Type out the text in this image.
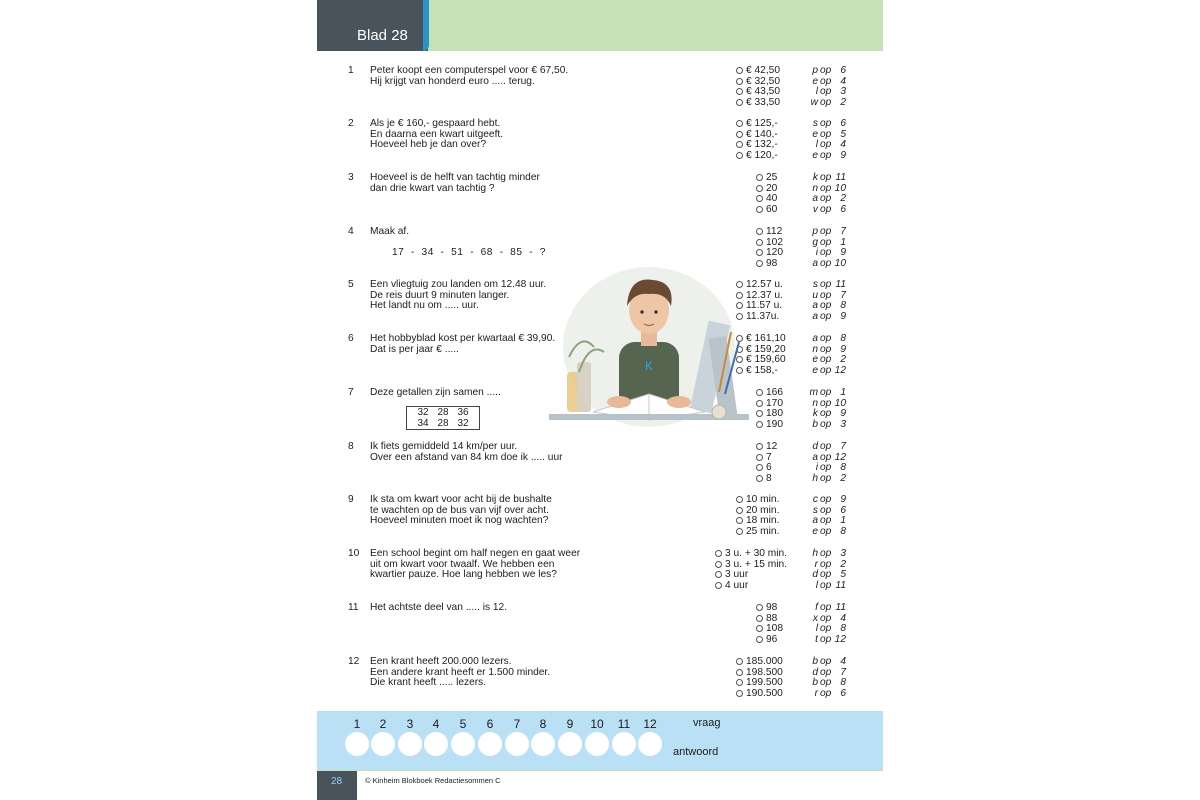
Blad 28
1 Peter koopt een computerspel voor € 67,50.
Hij krijgt van honderd euro ..... terug.
€ 42,50	p op 6
€ 32,50	e op 4
€ 43,50	l op 3
€ 33,50	w op 2
2 Als je € 160,- gespaard hebt.
En daarna een kwart uitgeeft.
Hoeveel heb je dan over?
€ 125,-	s op 6
€ 140,-	e op 5
€ 132,-	l op 4
€ 120,-	e op 9
3 Hoeveel is de helft van tachtig minder
dan drie kwart van tachtig ?
25	k op 11
20	n op 10
40	a op 2
60	v op 6
4 Maak af.
17  -  34  -  51  -  68  -  85  -  ?
112	p op 7
102	g op 1
120	i op 9
98	a op 10
5 Een vliegtuig zou landen om 12.48 uur.
De reis duurt 9 minuten langer.
Het landt nu om ..... uur.
12.57 u.	s op 11
12.37 u.	u op 7
11.57 u.	a op 8
11.37u.	a op 9
6 Het hobbyblad kost per kwartaal € 39,90.
Dat is per jaar € .....
€ 161,10	a op 8
€ 159,20	n op 9
€ 159,60	e op 2
€ 158,-	e op 12
7 Deze getallen zijn samen .....
32 28 36
34 28 32
166	m op 1
170	n op 10
180	k op 9
190	b op 3
8 Ik fiets gemiddeld 14 km/per uur.
Over een afstand van 84 km doe ik ..... uur
12	d op 7
7	a op 12
6	i op 8
8	h op 2
9 Ik sta om kwart voor acht bij de bushalte
te wachten op de bus van vijf over acht.
Hoeveel minuten moet ik nog wachten?
10 min.	c op 9
20 min.	s op 6
18 min.	a op 1
25 min.	e op 8
10 Een school begint om half negen en gaat weer
uit om kwart voor twaalf. We hebben een
kwartier pauze. Hoe lang hebben we les?
3 u. + 30 min.	h op 3
3 u. + 15 min.	r op 2
3 uur	d op 5
4 uur	l op 11
11 Het achtste deel van ..... is 12.	98	f op 11
88	x op 4
108	l op 8
96	t op 12
12 Een krant heeft 200.000 lezers.
Een andere krant heeft er 1.500 minder.
Die krant heeft ..... lezers.
185.000	b op 4
198.500	d op 7
199.500	b op 8
190.500	r op 6
K
1	2	3	4	5	6	7	8	9	10	11	12	vraag
antwoord
28	© Kinheim Blokboek Redactiesommen C
